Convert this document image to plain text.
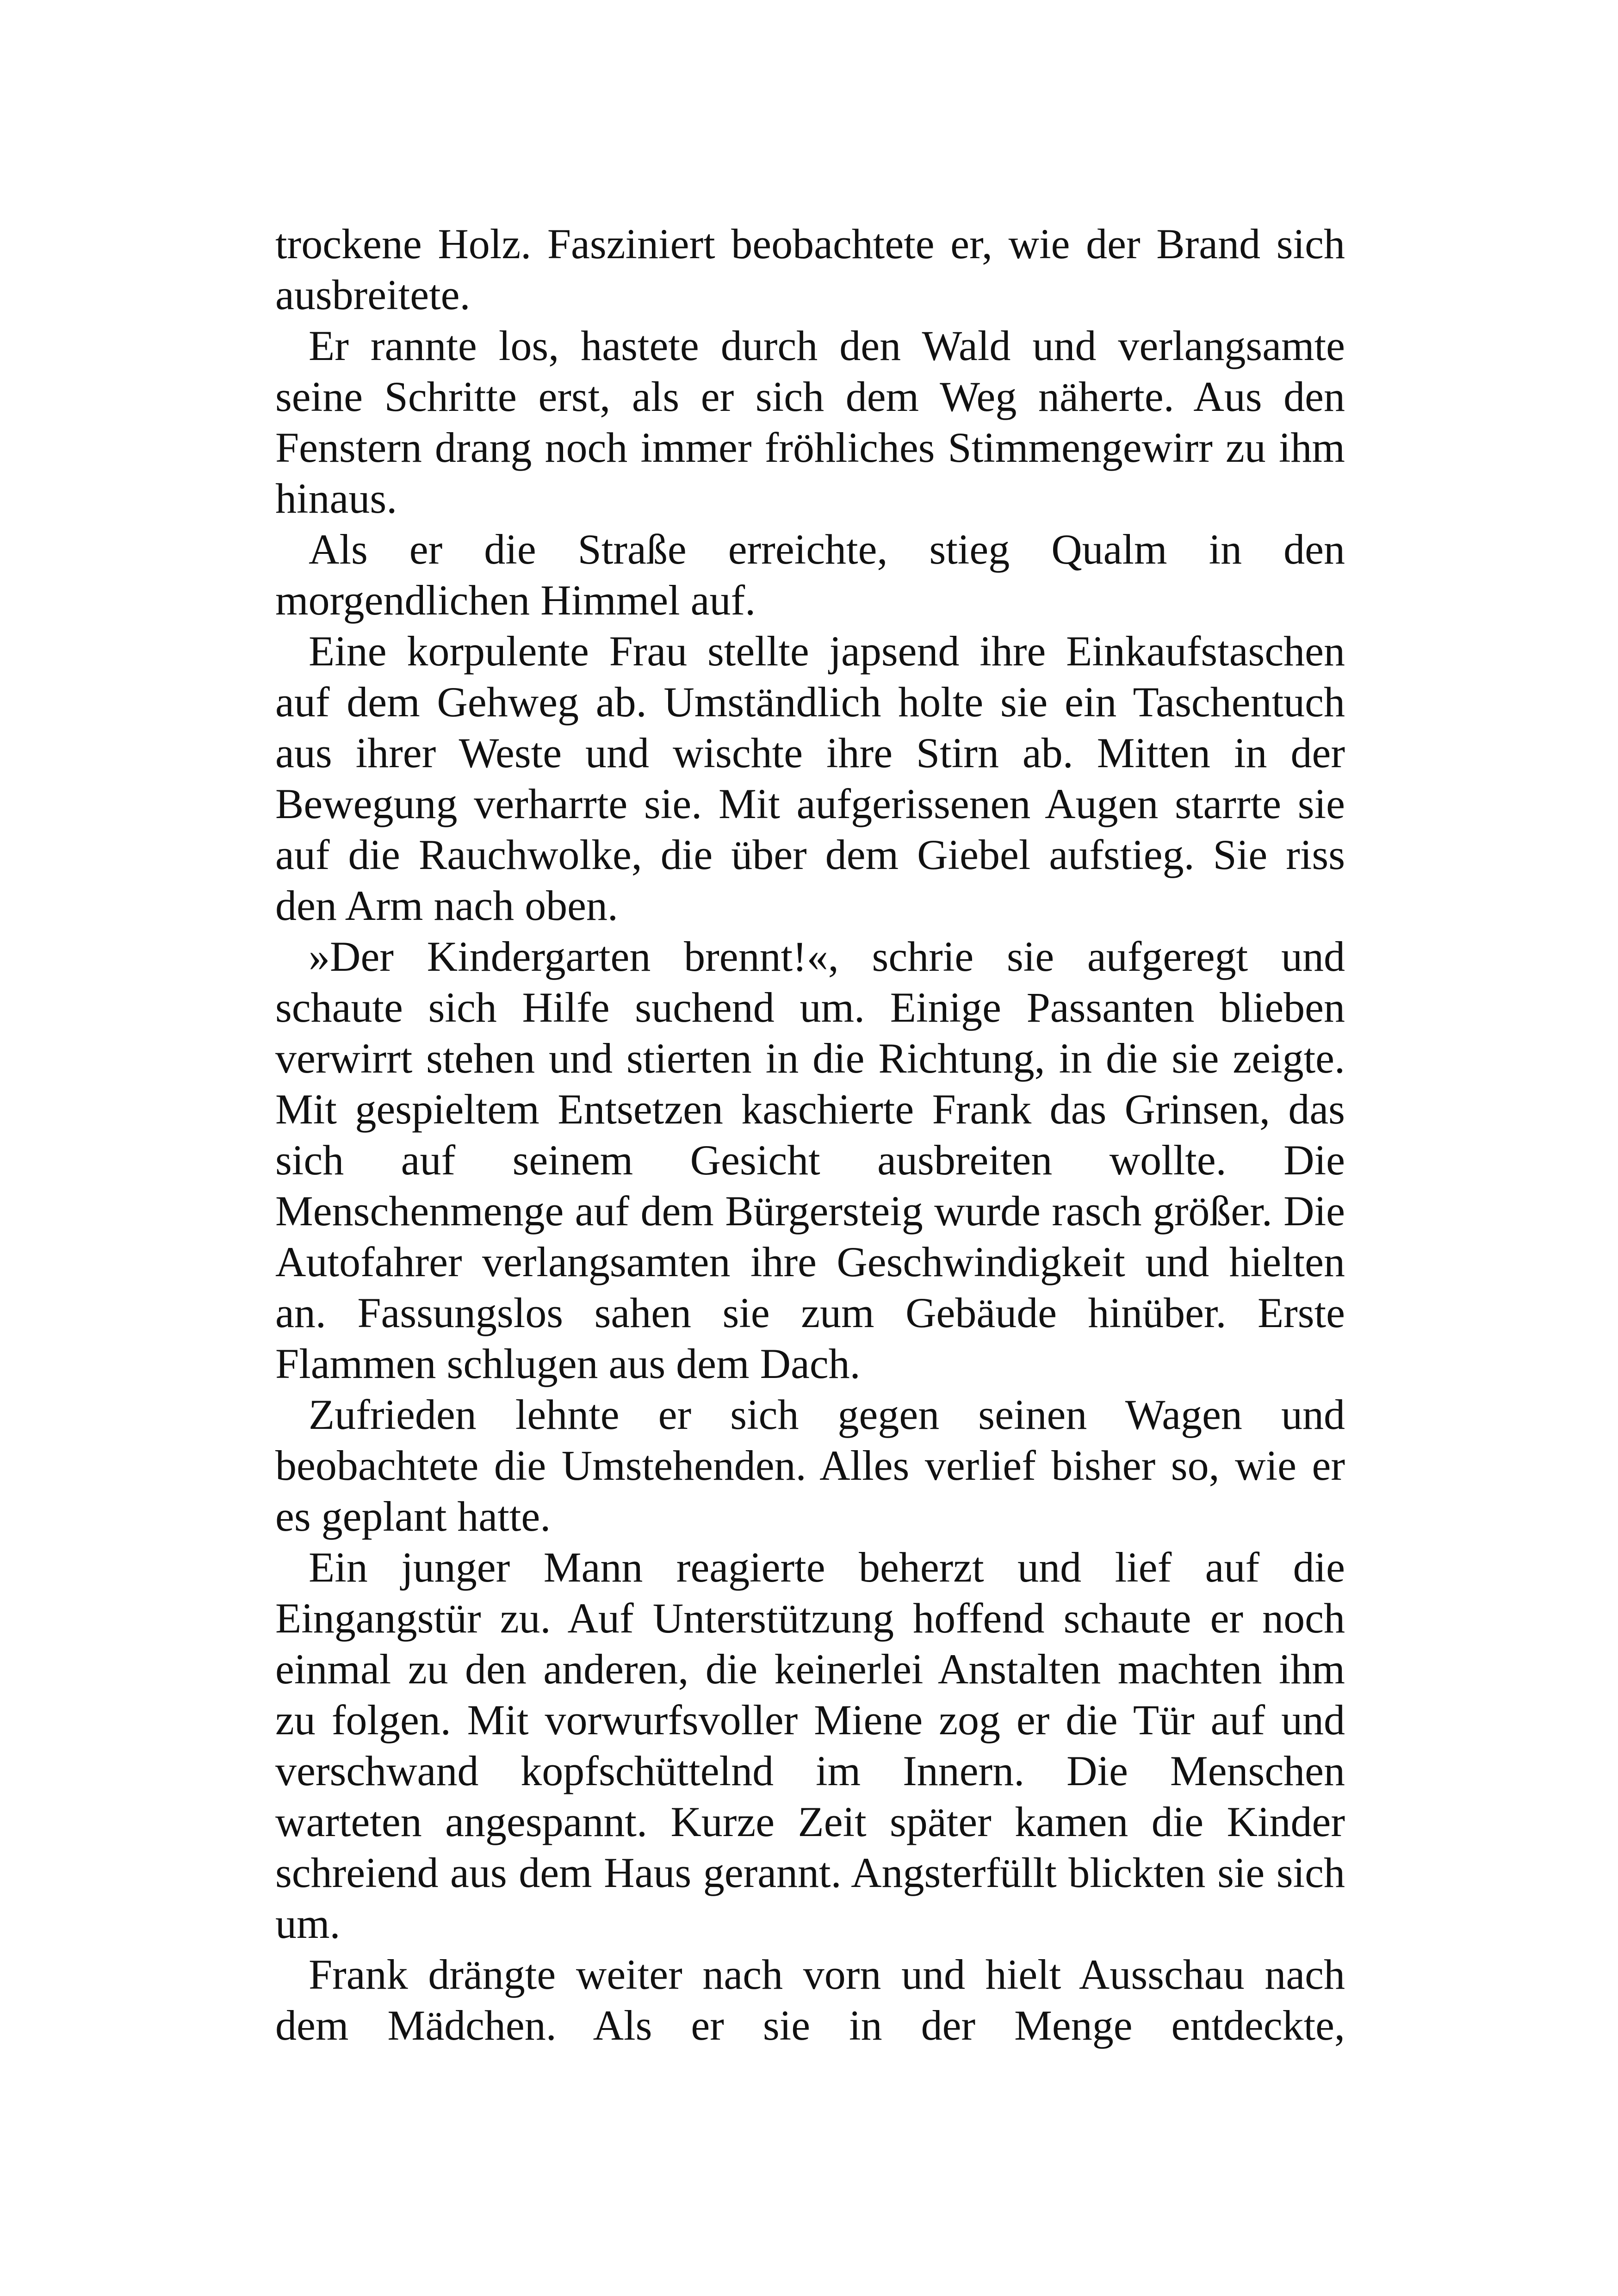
trockene Holz. Fasziniert beobachtete er, wie der Brand sich ausbreitete.

Er rannte los, hastete durch den Wald und verlangsamte seine Schritte erst, als er sich dem Weg näherte. Aus den Fenstern drang noch immer fröhliches Stimmengewirr zu ihm hinaus.

Als er die Straße erreichte, stieg Qualm in den morgendlichen Himmel auf.

Eine korpulente Frau stellte japsend ihre Einkaufstaschen auf dem Gehweg ab. Umständlich holte sie ein Taschentuch aus ihrer Weste und wischte ihre Stirn ab. Mitten in der Bewegung verharrte sie. Mit aufgerissenen Augen starrte sie auf die Rauchwolke, die über dem Giebel aufstieg. Sie riss den Arm nach oben.

»Der Kindergarten brennt!«, schrie sie aufgeregt und schaute sich Hilfe suchend um. Einige Passanten blieben verwirrt stehen und stierten in die Richtung, in die sie zeigte. Mit gespieltem Entsetzen kaschierte Frank das Grinsen, das sich auf seinem Gesicht ausbreiten wollte. Die Menschenmenge auf dem Bürgersteig wurde rasch größer. Die Autofahrer verlangsamten ihre Geschwindigkeit und hielten an. Fassungslos sahen sie zum Gebäude hinüber. Erste Flammen schlugen aus dem Dach.

Zufrieden lehnte er sich gegen seinen Wagen und beobachtete die Umstehenden. Alles verlief bisher so, wie er es geplant hatte.

Ein junger Mann reagierte beherzt und lief auf die Eingangstür zu. Auf Unterstützung hoffend schaute er noch einmal zu den anderen, die keinerlei Anstalten machten ihm zu folgen. Mit vorwurfsvoller Miene zog er die Tür auf und verschwand kopfschüttelnd im Innern. Die Menschen warteten angespannt. Kurze Zeit später kamen die Kinder schreiend aus dem Haus gerannt. Angsterfüllt blickten sie sich um.

Frank drängte weiter nach vorn und hielt Ausschau nach dem Mädchen. Als er sie in der Menge entdeckte,
